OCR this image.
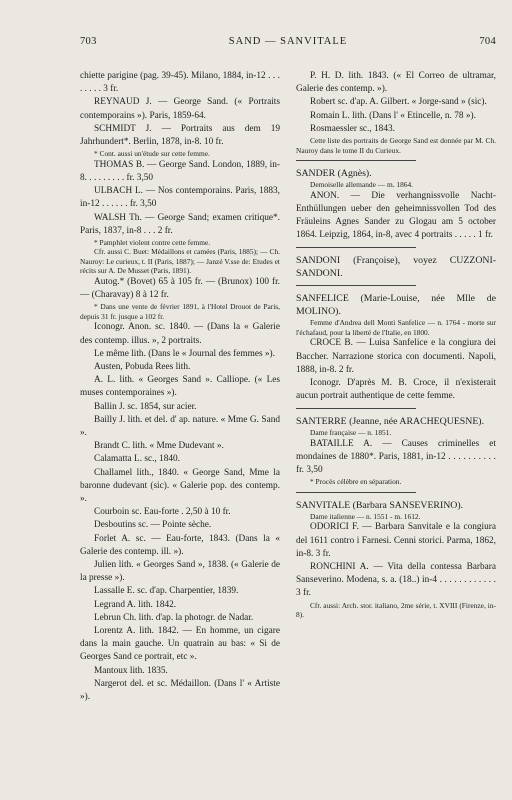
703	SAND — SANVITALE	704

chiette parigine (pag. 39-45). Milano, 1884, in-12 . . . . . . . . 3 fr.

REYNAUD J. — George Sand. (« Portraits contemporains »). Paris, 1859-64.

SCHMIDT J. — Portraits aus dem 19 Jahrhundert*. Berlin, 1878, in-8. 10 fr.

* Cont. aussi un'étude sur cette femme.

THOMAS B. — George Sand. London, 1889, in-8. . . . . . . . . fr. 3,50

ULBACH L. — Nos contemporains. Paris, 1883, in-12 . . . . . . fr. 3,50

WALSH Th. — George Sand; examen critique*. Paris, 1837, in-8 . . . 2 fr.

* Pamphlet violent contre cette femme.

Cfr. aussi C. Buet: Médaillons et camées (Paris, 1885); — Ch. Nauroy: Le curieux, t. II (Paris, 1887); — Janzé V.sse de: Etudes et récits sur A. De Musset (Paris, 1891).

Autog.* (Bovet) 65 à 105 fr. — (Brunox) 100 fr. — (Charavay) 8 à 12 fr.

* Dans une vente de février 1891, à l'Hotel Drouot de Paris, depuis 31 fr. jusque a 102 fr.

Iconogr. Anon. sc. 1840. — (Dans la « Galerie des contemp. illus. », 2 portraits.

Le même lith. (Dans le « Journal des femmes »).

Austen, Pobuda Rees lith.

A. L. lith. « Georges Sand ». Calliope. (« Les muses contemporaines »).

Ballin J. sc. 1854, sur acier.

Bailly J. lith. et del. d' ap. nature. « Mme G. Sand ».

Brandt C. lith. « Mme Dudevant ».

Calamatta L. sc., 1840.

Challamel lith., 1840. « George Sand, Mme la baronne dudevant (sic). « Galerie pop. des contemp. ».

Courboin sc. Eau-forte . 2,50 à 10 fr.

Desboutins sc. — Pointe sèche.

Forlet A. sc. — Eau-forte, 1843. (Dans la « Galerie des contemp. ill. »).

Julien lith. « Georges Sand », 1838. (« Galerie de la presse »).

Lassalle E. sc. d'ap. Charpentier, 1839.

Legrand A. lith. 1842.

Lebrun Ch. lith. d'ap. la photogr. de Nadar.

Lorentz A. lith. 1842. — En homme, un cigare dans la main gauche. Un quatrain au bas: « Si de Georges Sand ce portrait, etc ».

Mantoux lith. 1835.

Nargerot del. et sc. Médaillon. (Dans l' « Artiste »).

P. H. D. lith. 1843. (« El Correo de ultramar, Galerie des contemp. »).

Robert sc. d'ap. A. Gilbert. « Jorge-sand » (sic).

Romain L. lith. (Dans l' « Etincelle, n. 78 »).

Rosmaessler sc., 1843.

Cette liste des portraits de George Sand est donnée par M. Ch. Nauroy dans le tome II du Curieux.

SANDER (Agnès).

Demoiselle allemande — m. 1864.

ANON. — Die verhangnissvolle Nacht-Enthüllungen ueber den geheimnissvollen Tod des Fräuleins Agnes Sander zu Glogau am 5 october 1864. Leipzig, 1864, in-8, avec 4 portraits . . . . . 1 fr.

SANDONI (Françoise), voyez CUZZONI-SANDONI.

SANFELICE (Marie-Louise, née Mlle de MOLINO).

Femme d'Andrea dell Monti Sanfelice — n. 1764 - morte sur l'échafaud, pour la liberté de l'Italie, en 1800.

CROCE B. — Luisa Sanfelice e la congiura dei Baccher. Narrazione storica con documenti. Napoli, 1888, in-8. 2 fr.

Iconogr. D'après M. B. Croce, il n'existerait aucun portrait authentique de cette femme.

SANTERRE (Jeanne, née ARACHEQUESNE).

Dame française — n. 1851.

BATAILLE A. — Causes criminelles et mondaines de 1880*. Paris, 1881, in-12 . . . . . . . . . . fr. 3,50

* Procès célèbre en séparation.

SANVITALE (Barbara SANSEVERINO).

Dame italienne — n. 1551 - m. 1612.

ODORICI F. — Barbara Sanvitale e la congiura del 1611 contro i Farnesi. Cenni storici. Parma, 1862, in-8. 3 fr.

RONCHINI A. — Vita della contessa Barbara Sanseverino. Modena, s. a. (18..) in-4 . . . . . . . . . . . . 3 fr.

Cfr. aussi: Arch. stor. italiano, 2me série, t. XVIII (Firenze, in-8).
